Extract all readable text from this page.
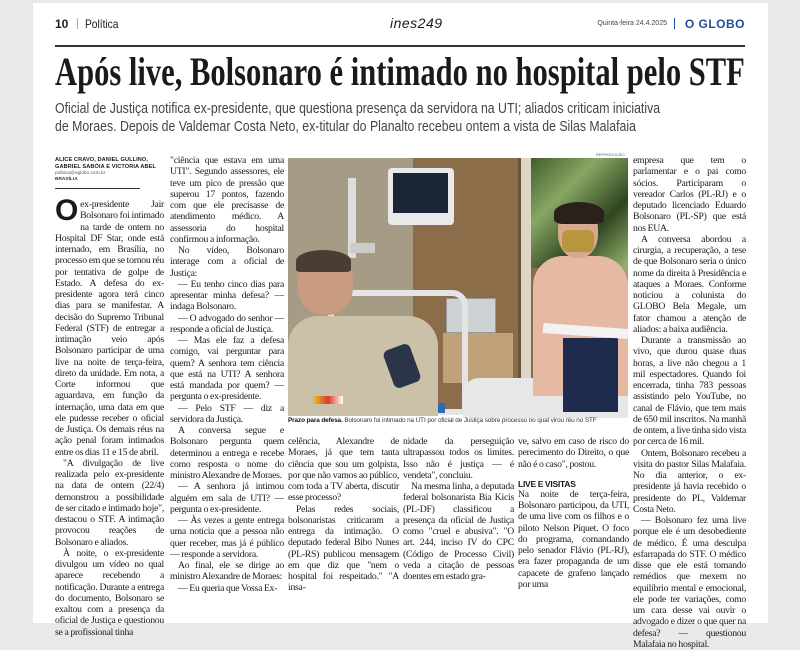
10 Política	ines249	Quinta-feira 24.4.2025 O GLOBO
Após live, Bolsonaro é intimado no hospital pelo STF

Oficial de Justiça notifica ex-presidente, que questiona presença da servidora na UTI; aliados criticam iniciativa de Moraes. Depois de Valdemar Costa Neto, ex-titular do Planalto recebeu ontem a vista de Silas Malafaia

ALICE CRAVO, DANIEL GULLINO, GABRIEL SABÓIA E VICTORIA ABEL
politica@oglobo.com.br
BRASÍLIA

Oex-presidente Jair Bolsonaro foi intimado na tarde de ontem no Hospital DF Star, onde está internado, em Brasília, no processo em que se tornou réu por tentativa de golpe de Estado. A defesa do ex-presidente agora terá cinco dias para se manifestar. A decisão do Supremo Tribunal Federal (STF) de entregar a intimação veio após Bolsonaro participar de uma live na noite de terça-feira, direto da unidade. Em nota, a Corte informou que aguardava, em função da internação, uma data em que ele pudesse receber o oficial de Justiça. Os demais réus na ação penal foram intimados entre os dias 11 e 15 de abril.

"A divulgação de live realizada pelo ex-presidente na data de ontem (22/4) demonstrou a possibilidade de ser citado e intimado hoje", destacou o STF. A intimação provocou reações de Bolsonaro e aliados.

À noite, o ex-presidente divulgou um vídeo no qual aparece recebendo a notificação. Durante a entrega do documento, Bolsonaro se exaltou com a presença da oficial de Justiça e questionou se a profissional tinha

"ciência que estava em uma UTI". Segundo assessores, ele teve um pico de pressão que superou 17 pontos, fazendo com que ele precisasse de atendimento médico. A assessoria do hospital confirmou a informação.

No vídeo, Bolsonaro interage com a oficial de Justiça:

— Eu tenho cinco dias para apresentar minha defesa? — indaga Bolsonaro.

— O advogado do senhor — responde a oficial de Justiça.

— Mas ele faz a defesa comigo, vai perguntar para quem? A senhora tem ciência que está na UTI? A senhora está mandada por quem? — pergunta o ex-presidente.

— Pelo STF — diz a servidora da Justiça.

A conversa segue e Bolsonaro pergunta quem determinou a entrega e recebe como resposta o nome do ministro Alexandre de Moraes.

— A senhora já intimou alguém em sala de UTI? — pergunta o ex-presidente.

— Às vezes a gente entrega uma notícia que a pessoa não quer receber, mas já é público — responde a servidora.

Ao final, ele se dirige ao ministro Alexandre de Moraes:

— Eu queria que Vossa Ex-

REPRODUÇÃO
Prazo para defesa. Bolsonaro foi intimado na UTI por oficial de Justiça sobre processo no qual virou réu no STF

celência, Alexandre de Moraes, já que tem tanta ciência que sou um golpista, por que não vamos ao público, com toda a TV aberta, discutir esse processo?

Pelas redes sociais, bolsonaristas criticaram a entrega da intimação. O deputado federal Bibo Nunes (PL-RS) publicou mensagem em que diz que "nem o hospital foi respeitado." "A insa-

nidade da perseguição ultrapassou todos os limites. Isso não é justiça — é vendeta", concluiu.

Na mesma linha, a deputada federal bolsonarista Bia Kicis (PL-DF) classificou a presença da oficial de Justiça como "cruel e abusiva". "O art. 244, inciso IV do CPC (Código de Processo Civil) veda a citação de pessoas doentes em estado gra-

ve, salvo em caso de risco do perecimento do Direito, o que não é o caso", postou.

LIVE E VISITAS

Na noite de terça-feira, Bolsonaro participou, da UTI, de uma live com os filhos e o piloto Nelson Piquet. O foco do programa, comandando pelo senador Flávio (PL-RJ), era fazer propaganda de um capacete de grafeno lançado por uma

empresa que tem o parlamentar e o pai como sócios. Participaram o vereador Carlos (PL-RJ) e o deputado licenciado Eduardo Bolsonaro (PL-SP) que está nos EUA.

A conversa abordou a cirurgia, a recuperação, a tese de que Bolsonaro seria o único nome da direita à Presidência e ataques a Moraes. Conforme noticiou a colunista do GLOBO Bela Megale, um fator chamou a atenção de aliados: a baixa audiência.

Durante a transmissão ao vivo, que durou quase duas horas, a live não chegou a 1 mil espectadores. Quando foi encerrada, tinha 783 pessoas assistindo pelo YouTube, no canal de Flávio, que tem mais de 650 mil inscritos. Na manhã de ontem, a live tinha sido vista por cerca de 16 mil.

Ontem, Bolsonaro recebeu a visita do pastor Silas Malafaia. No dia anterior, o ex-presidente já havia recebido o presidente do PL, Valdemar Costa Neto.

— Bolsonaro fez uma live porque ele é um desobediente de médico. É uma desculpa esfarrapada do STF. O médico disse que ele está tomando remédios que mexem no equilíbrio mental e emocional, ele pode ter variações, como um cara desse vai ouvir o advogado e dizer o que quer na defesa? — questionou Malafaia no hospital.
